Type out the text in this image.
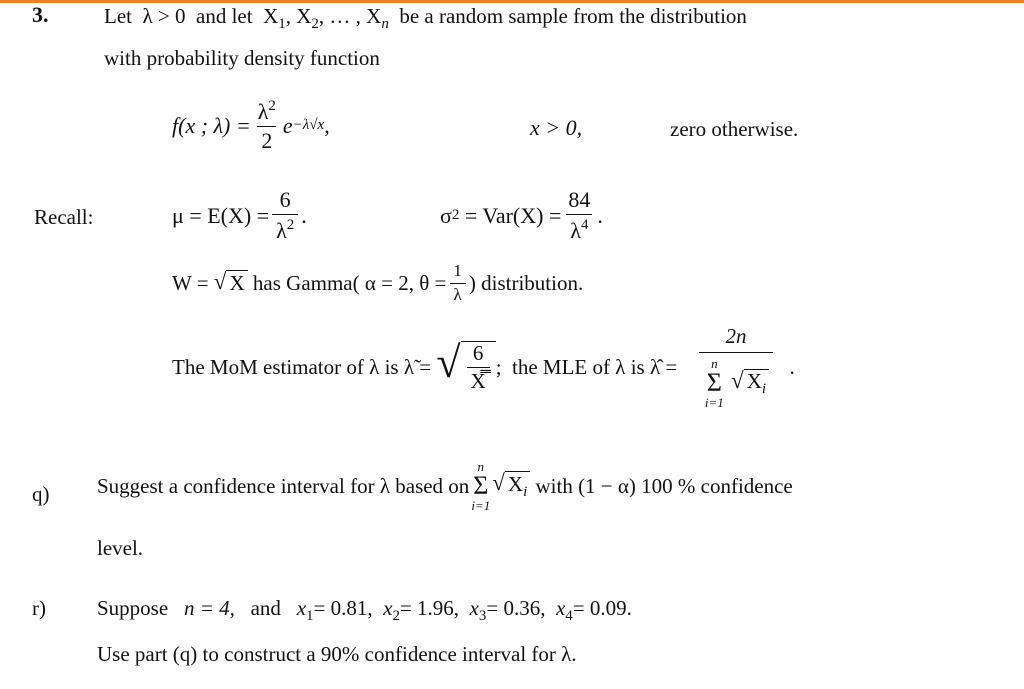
3.	Let λ > 0 and let $X_1$, $X_2$, … , $X_n$ be a random sample from the distribution
with probability density function
f(x ; $\lambda) = \frac{\lambda^2}{2}$ e −λ√x ,	x > 0,	zero otherwise.
Recall:	$\mu = E(X) = \frac{6}{\lambda^2}$ .	σ 2
= $Var(X) = \frac{84}{\lambda^4}$ .
W =
√ X
has Gamma( α = 2, $\theta = \frac{1}{\lambda}$ ) distribution.
The MoM estimator of λ is
λ̃
=
√ $\frac{6}{X̿}$ ;
the MLE of λ is
λ̂
=
2n
n
Σ
i=1

√ $X_i$ .
q) Suggest a confidence interval for λ based on
n
Σ
i=1
√ $X_i$
with (1 − α) 100 % confidence
level.
r) Suppose n = 4, and $x_1= 0.81$, $x_2= 1.96$, $x_3= 0.36$, $x_4= 0.09$.
Use part (q) to construct a 90% confidence interval for λ.
